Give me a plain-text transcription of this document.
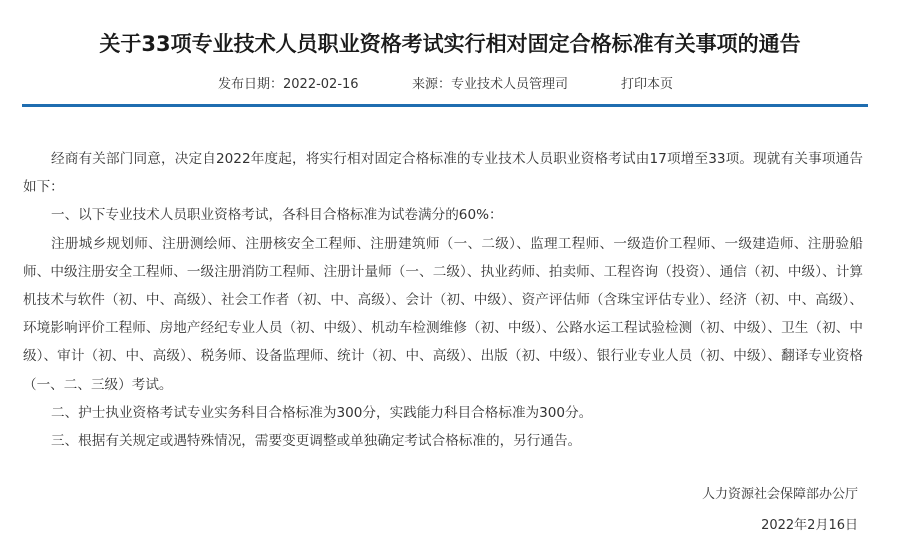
关于33项专业技术人员职业资格考试实行相对固定合格标准有关事项的通告
发布日期：2022-02-16	来源：专业技术人员管理司	打印本页

经商有关部门同意，决定自2022年度起，将实行相对固定合格标准的专业技术人员职业资格考试由17项增至33项。现就有关事项通告如下：

一、以下专业技术人员职业资格考试，各科目合格标准为试卷满分的60%：

注册城乡规划师、注册测绘师、注册核安全工程师、注册建筑师（一、二级）、监理工程师、一级造价工程师、一级建造师、注册验船师、中级注册安全工程师、一级注册消防工程师、注册计量师（一、二级）、执业药师、拍卖师、工程咨询（投资）、通信（初、中级）、计算机技术与软件（初、中、高级）、社会工作者（初、中、高级）、会计（初、中级）、资产评估师（含珠宝评估专业）、经济（初、中、高级）、环境影响评价工程师、房地产经纪专业人员（初、中级）、机动车检测维修（初、中级）、公路水运工程试验检测（初、中级）、卫生（初、中级）、审计（初、中、高级）、税务师、设备监理师、统计（初、中、高级）、出版（初、中级）、银行业专业人员（初、中级）、翻译专业资格（一、二、三级）考试。

二、护士执业资格考试专业实务科目合格标准为300分，实践能力科目合格标准为300分。

三、根据有关规定或遇特殊情况，需要变更调整或单独确定考试合格标准的，另行通告。

人力资源社会保障部办公厅
2022年2月16日
